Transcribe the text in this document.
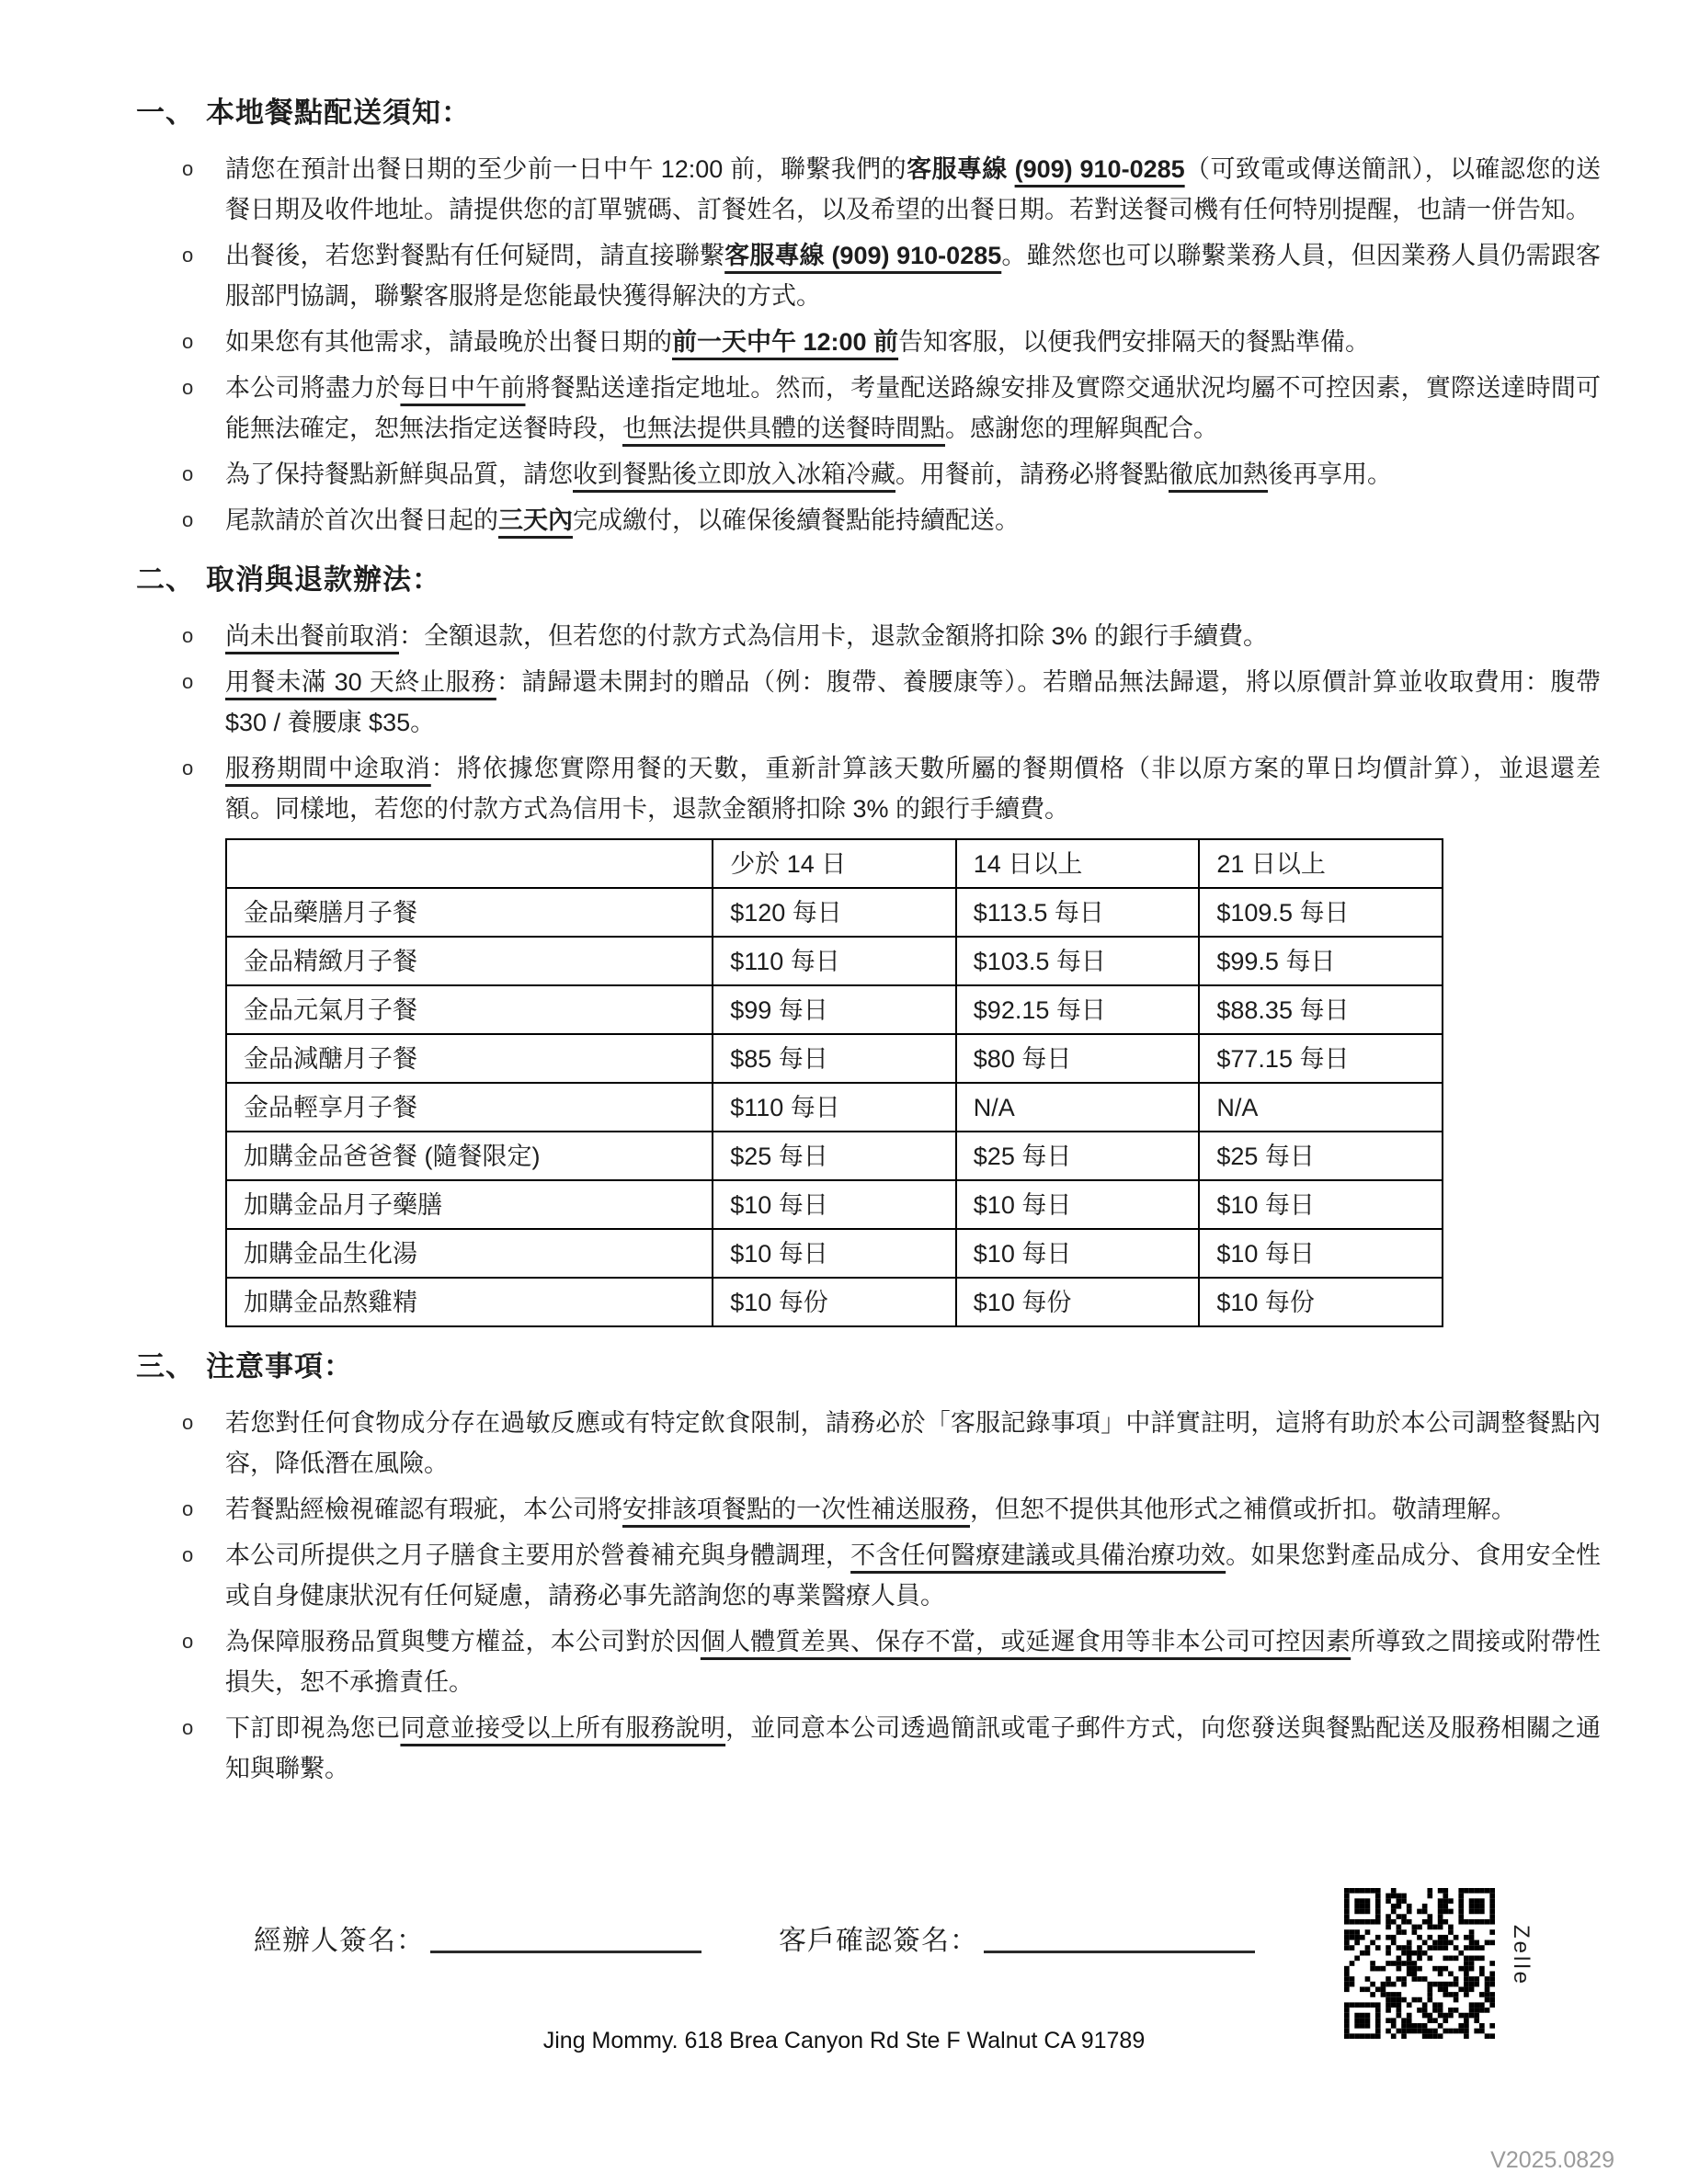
一、 本地餐點配送須知：
o	請您在預計出餐日期的至少前一日中午 12:00 前，聯繫我們的客服專線 (909) 910-0285（可致電或傳送簡訊），以確認您的送餐日期及收件地址。請提供您的訂單號碼、訂餐姓名，以及希望的出餐日期。若對送餐司機有任何特別提醒，也請一併告知。
o	出餐後，若您對餐點有任何疑問，請直接聯繫客服專線 (909) 910-0285。雖然您也可以聯繫業務人員，但因業務人員仍需跟客服部門協調，聯繫客服將是您能最快獲得解決的方式。
o	如果您有其他需求，請最晚於出餐日期的前一天中午 12:00 前告知客服，以便我們安排隔天的餐點準備。
o	本公司將盡力於每日中午前將餐點送達指定地址。然而，考量配送路線安排及實際交通狀況均屬不可控因素，實際送達時間可能無法確定，恕無法指定送餐時段，也無法提供具體的送餐時間點。感謝您的理解與配合。
o	為了保持餐點新鮮與品質，請您收到餐點後立即放入冰箱冷藏。用餐前，請務必將餐點徹底加熱後再享用。
o	尾款請於首次出餐日起的三天內完成繳付，以確保後續餐點能持續配送。
二、 取消與退款辦法：
o	尚未出餐前取消：全額退款，但若您的付款方式為信用卡，退款金額將扣除 3% 的銀行手續費。
o	用餐未滿 30 天終止服務：請歸還未開封的贈品（例：腹帶、養腰康等）。若贈品無法歸還，將以原價計算並收取費用：腹帶 $30 / 養腰康 $35。
o	服務期間中途取消：將依據您實際用餐的天數，重新計算該天數所屬的餐期價格（非以原方案的單日均價計算），並退還差額。同樣地，若您的付款方式為信用卡，退款金額將扣除 3% 的銀行手續費。
	少於 14 日	14 日以上	21 日以上
金品藥膳月子餐	$120 每日	$113.5 每日	$109.5 每日
金品精緻月子餐	$110 每日	$103.5 每日	$99.5 每日
金品元氣月子餐	$99 每日	$92.15 每日	$88.35 每日
金品減醣月子餐	$85 每日	$80 每日	$77.15 每日
金品輕享月子餐	$110 每日	N/A	N/A
加購金品爸爸餐 (隨餐限定)	$25 每日	$25 每日	$25 每日
加購金品月子藥膳	$10 每日	$10 每日	$10 每日
加購金品生化湯	$10 每日	$10 每日	$10 每日
加購金品熬雞精	$10 每份	$10 每份	$10 每份
三、 注意事項：
o	若您對任何食物成分存在過敏反應或有特定飲食限制，請務必於「客服記錄事項」中詳實註明，這將有助於本公司調整餐點內容，降低潛在風險。
o	若餐點經檢視確認有瑕疵，本公司將安排該項餐點的一次性補送服務，但恕不提供其他形式之補償或折扣。敬請理解。
o	本公司所提供之月子膳食主要用於營養補充與身體調理，不含任何醫療建議或具備治療功效。如果您對產品成分、食用安全性或自身健康狀況有任何疑慮，請務必事先諮詢您的專業醫療人員。
o	為保障服務品質與雙方權益，本公司對於因個人體質差異、保存不當，或延遲食用等非本公司可控因素所導致之間接或附帶性損失，恕不承擔責任。
o	下訂即視為您已同意並接受以上所有服務說明，並同意本公司透過簡訊或電子郵件方式，向您發送與餐點配送及服務相關之通知與聯繫。
經辦人簽名：	客戶確認簽名：	Zelle
Jing Mommy. 618 Brea Canyon Rd Ste F Walnut CA 91789
V2025.0829
